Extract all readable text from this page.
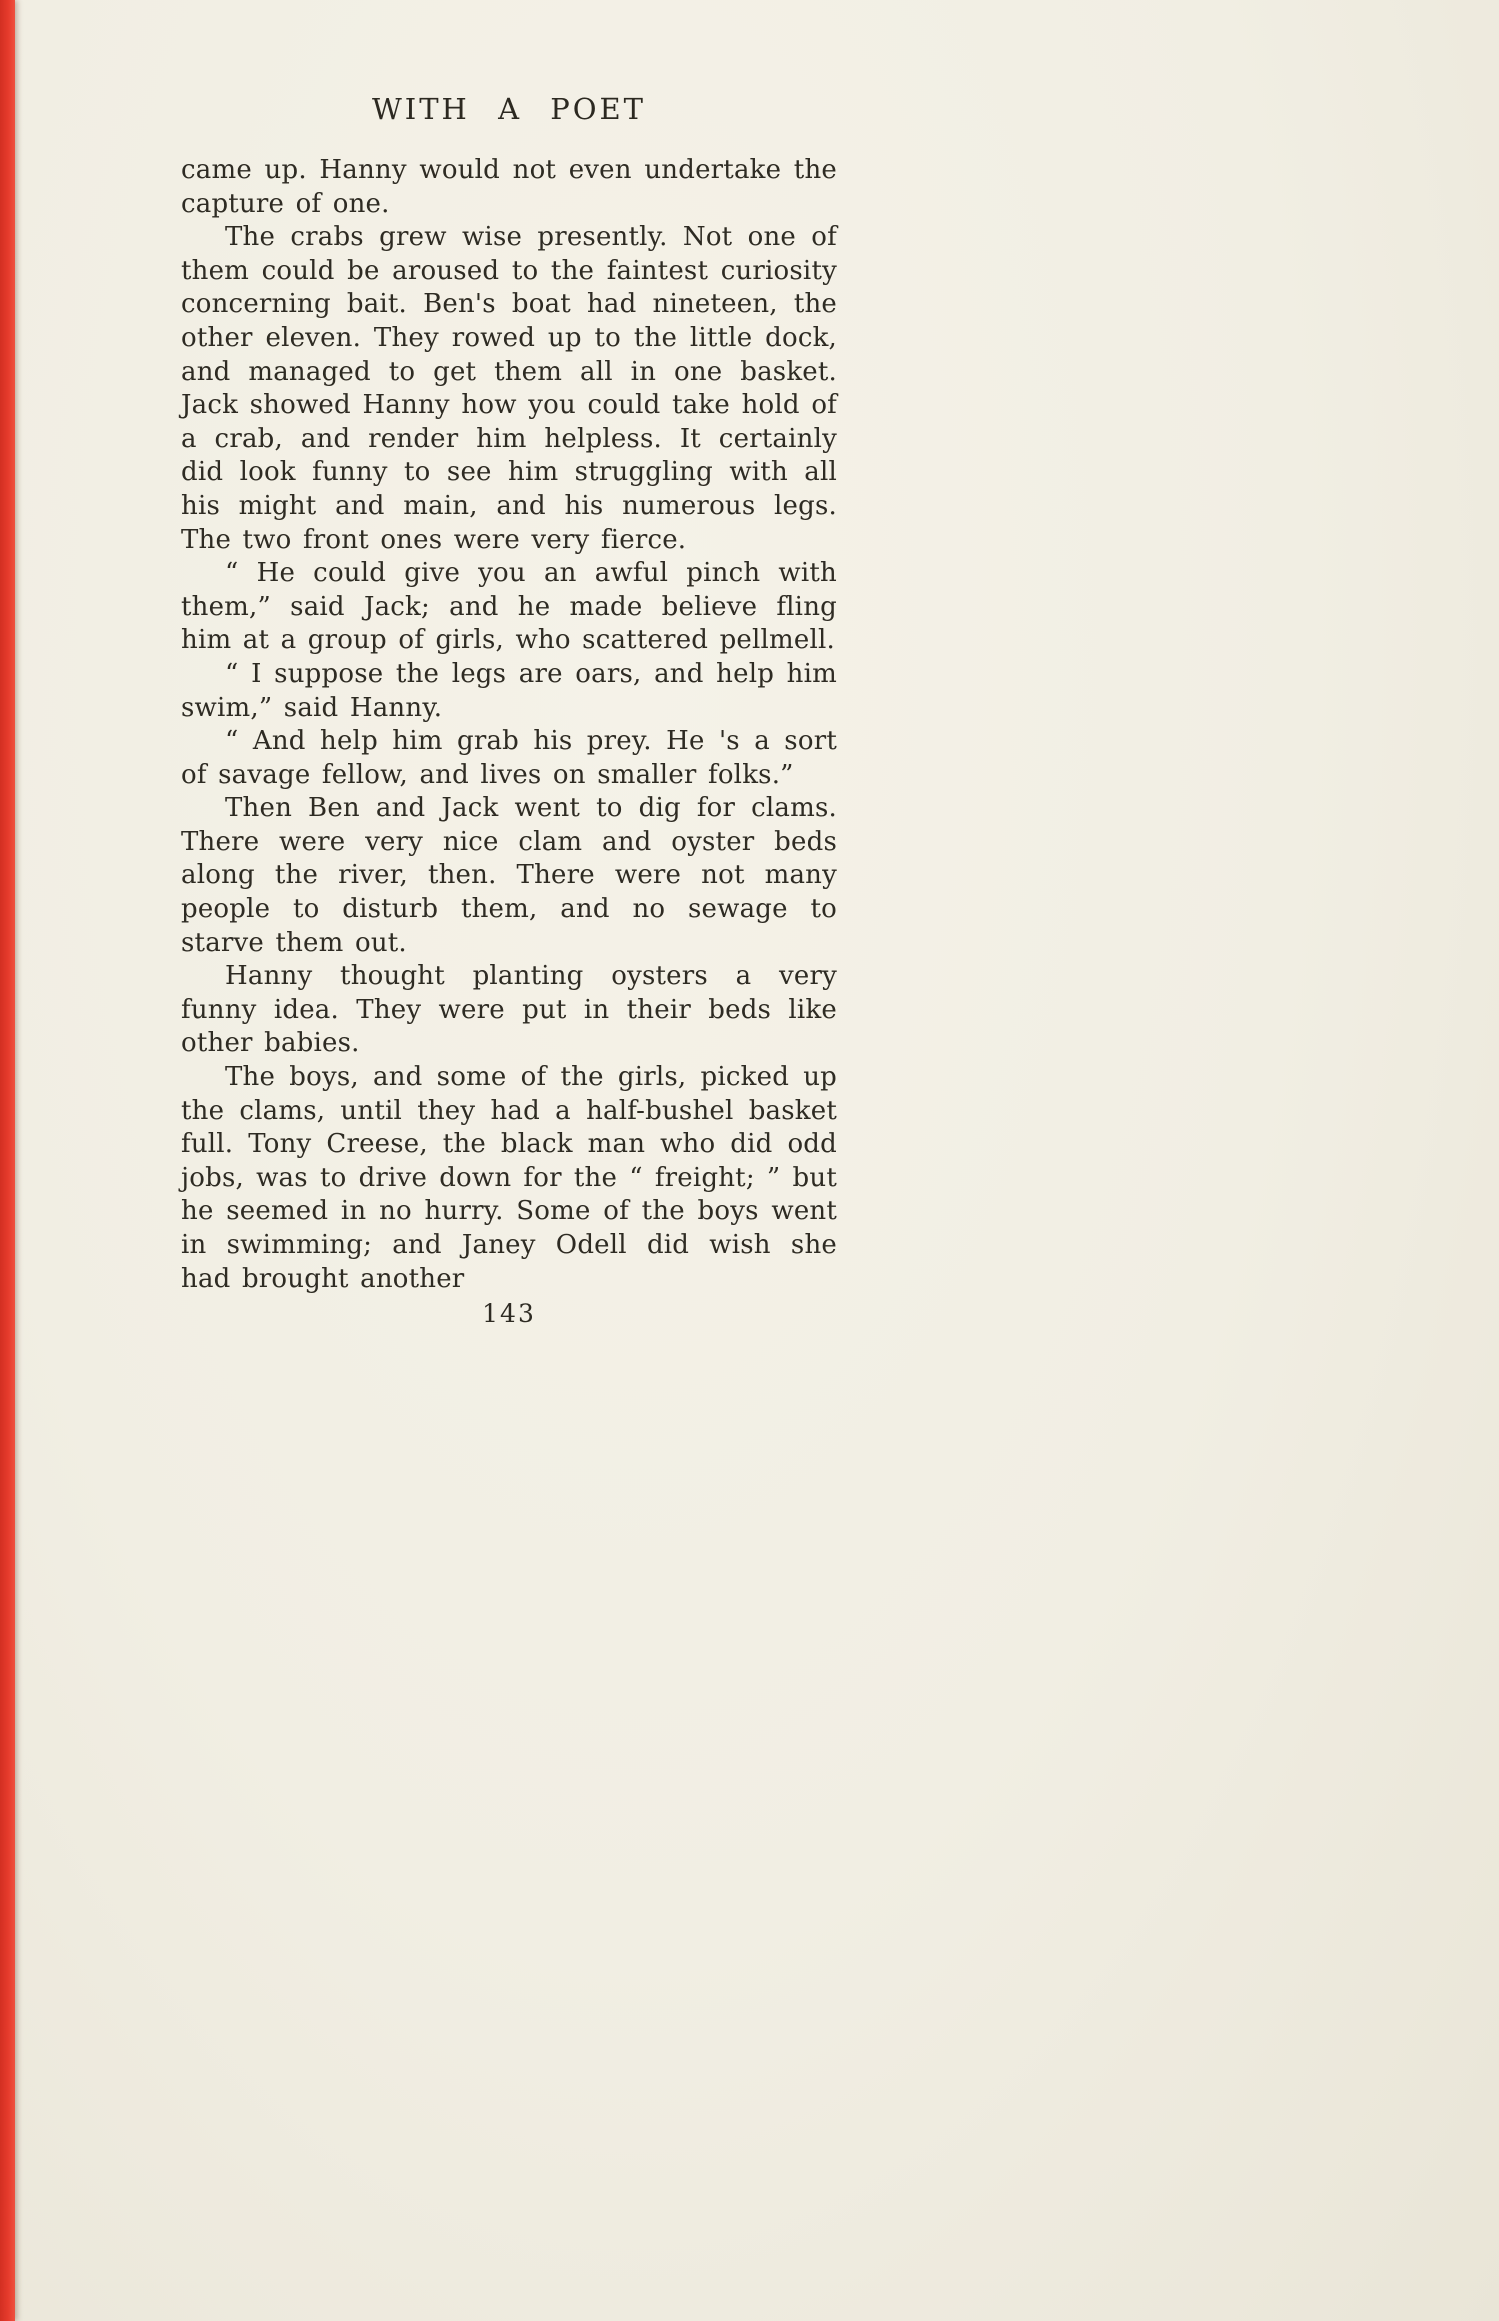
WITH A POET

came up. Hanny would not even undertake the capture of one.

The crabs grew wise presently. Not one of them could be aroused to the faintest curiosity concerning bait. Ben's boat had nineteen, the other eleven. They rowed up to the little dock, and managed to get them all in one basket. Jack showed Hanny how you could take hold of a crab, and render him helpless. It certainly did look funny to see him struggling with all his might and main, and his numerous legs. The two front ones were very fierce.

“ He could give you an awful pinch with them,” said Jack; and he made believe fling him at a group of girls, who scattered pellmell.

“ I suppose the legs are oars, and help him swim,” said Hanny.

“ And help him grab his prey. He 's a sort of savage fellow, and lives on smaller folks.”

Then Ben and Jack went to dig for clams. There were very nice clam and oyster beds along the river, then. There were not many people to disturb them, and no sewage to starve them out.

Hanny thought planting oysters a very funny idea. They were put in their beds like other babies.

The boys, and some of the girls, picked up the clams, until they had a half-bushel basket full. Tony Creese, the black man who did odd jobs, was to drive down for the “ freight; ” but he seemed in no hurry. Some of the boys went in swimming; and Janey Odell did wish she had brought another

143
